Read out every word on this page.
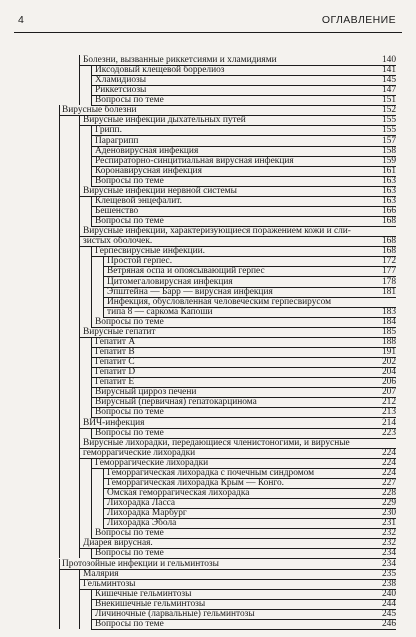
4	ОГЛАВЛЕНИЕ
Болезни, вызванные риккетсиями и хламидиями	140
Иксодовый клещевой боррелиоз	141
Хламидиозы	145
Риккетсиозы	147
Вопросы по теме	151
Вирусные болезни	152
Вирусные инфекции дыхательных путей	155
Грипп.	155
Парагрипп	157
Аденовирусная инфекция	158
Респираторно-синцитиальная вирусная инфекция	159
Коронавирусная инфекция	161
Вопросы по теме	163
Вирусные инфекции нервной системы	163
Клещевой энцефалит.	163
Бешенство	166
Вопросы по теме	168
Вирусные инфекции, характеризующиеся поражением кожи и сли-
зистых оболочек.	168
Герпесвирусные инфекции.	168
Простой герпес.	172
Ветряная оспа и опоясывающий герпес	177
Цитомегаловирусная инфекция	178
Эпштейна — Барр — вирусная инфекция	181
Инфекция, обусловленная человеческим герпесвирусом
типа 8 — саркома Капоши	183
Вопросы по теме	184
Вирусные гепатит	185
Гепатит А	188
Гепатит В	191
Гепатит С	202
Гепатит D	204
Гепатит Е	206
Вирусный цирроз печени	207
Вирусный (первичная) гепатокарцинома	212
Вопросы по теме	213
ВИЧ-инфекция	214
Вопросы по теме	223
Вирусные лихорадки, передающиеся членистоногими, и вирусные
геморрагические лихорадки	224
Геморрагические лихорадки	224
Геморрагическая лихорадка с почечным синдромом	224
Геморрагическая лихорадка Крым — Конго.	227
Омская геморрагическая лихорадка	228
Лихорадка Ласса	229
Лихорадка Марбург	230
Лихорадка Эбола	231
Вопросы по теме	232
Диарея вирусная.	232
Вопросы по теме	234
Протозойные инфекции и гельминтозы	234
Малярия	235
Гельминтозы	238
Кишечные гельминтозы	240
Внекишечные гельминтозы	244
Личиночные (ларвальные) гельминтозы	245
Вопросы по теме	246
